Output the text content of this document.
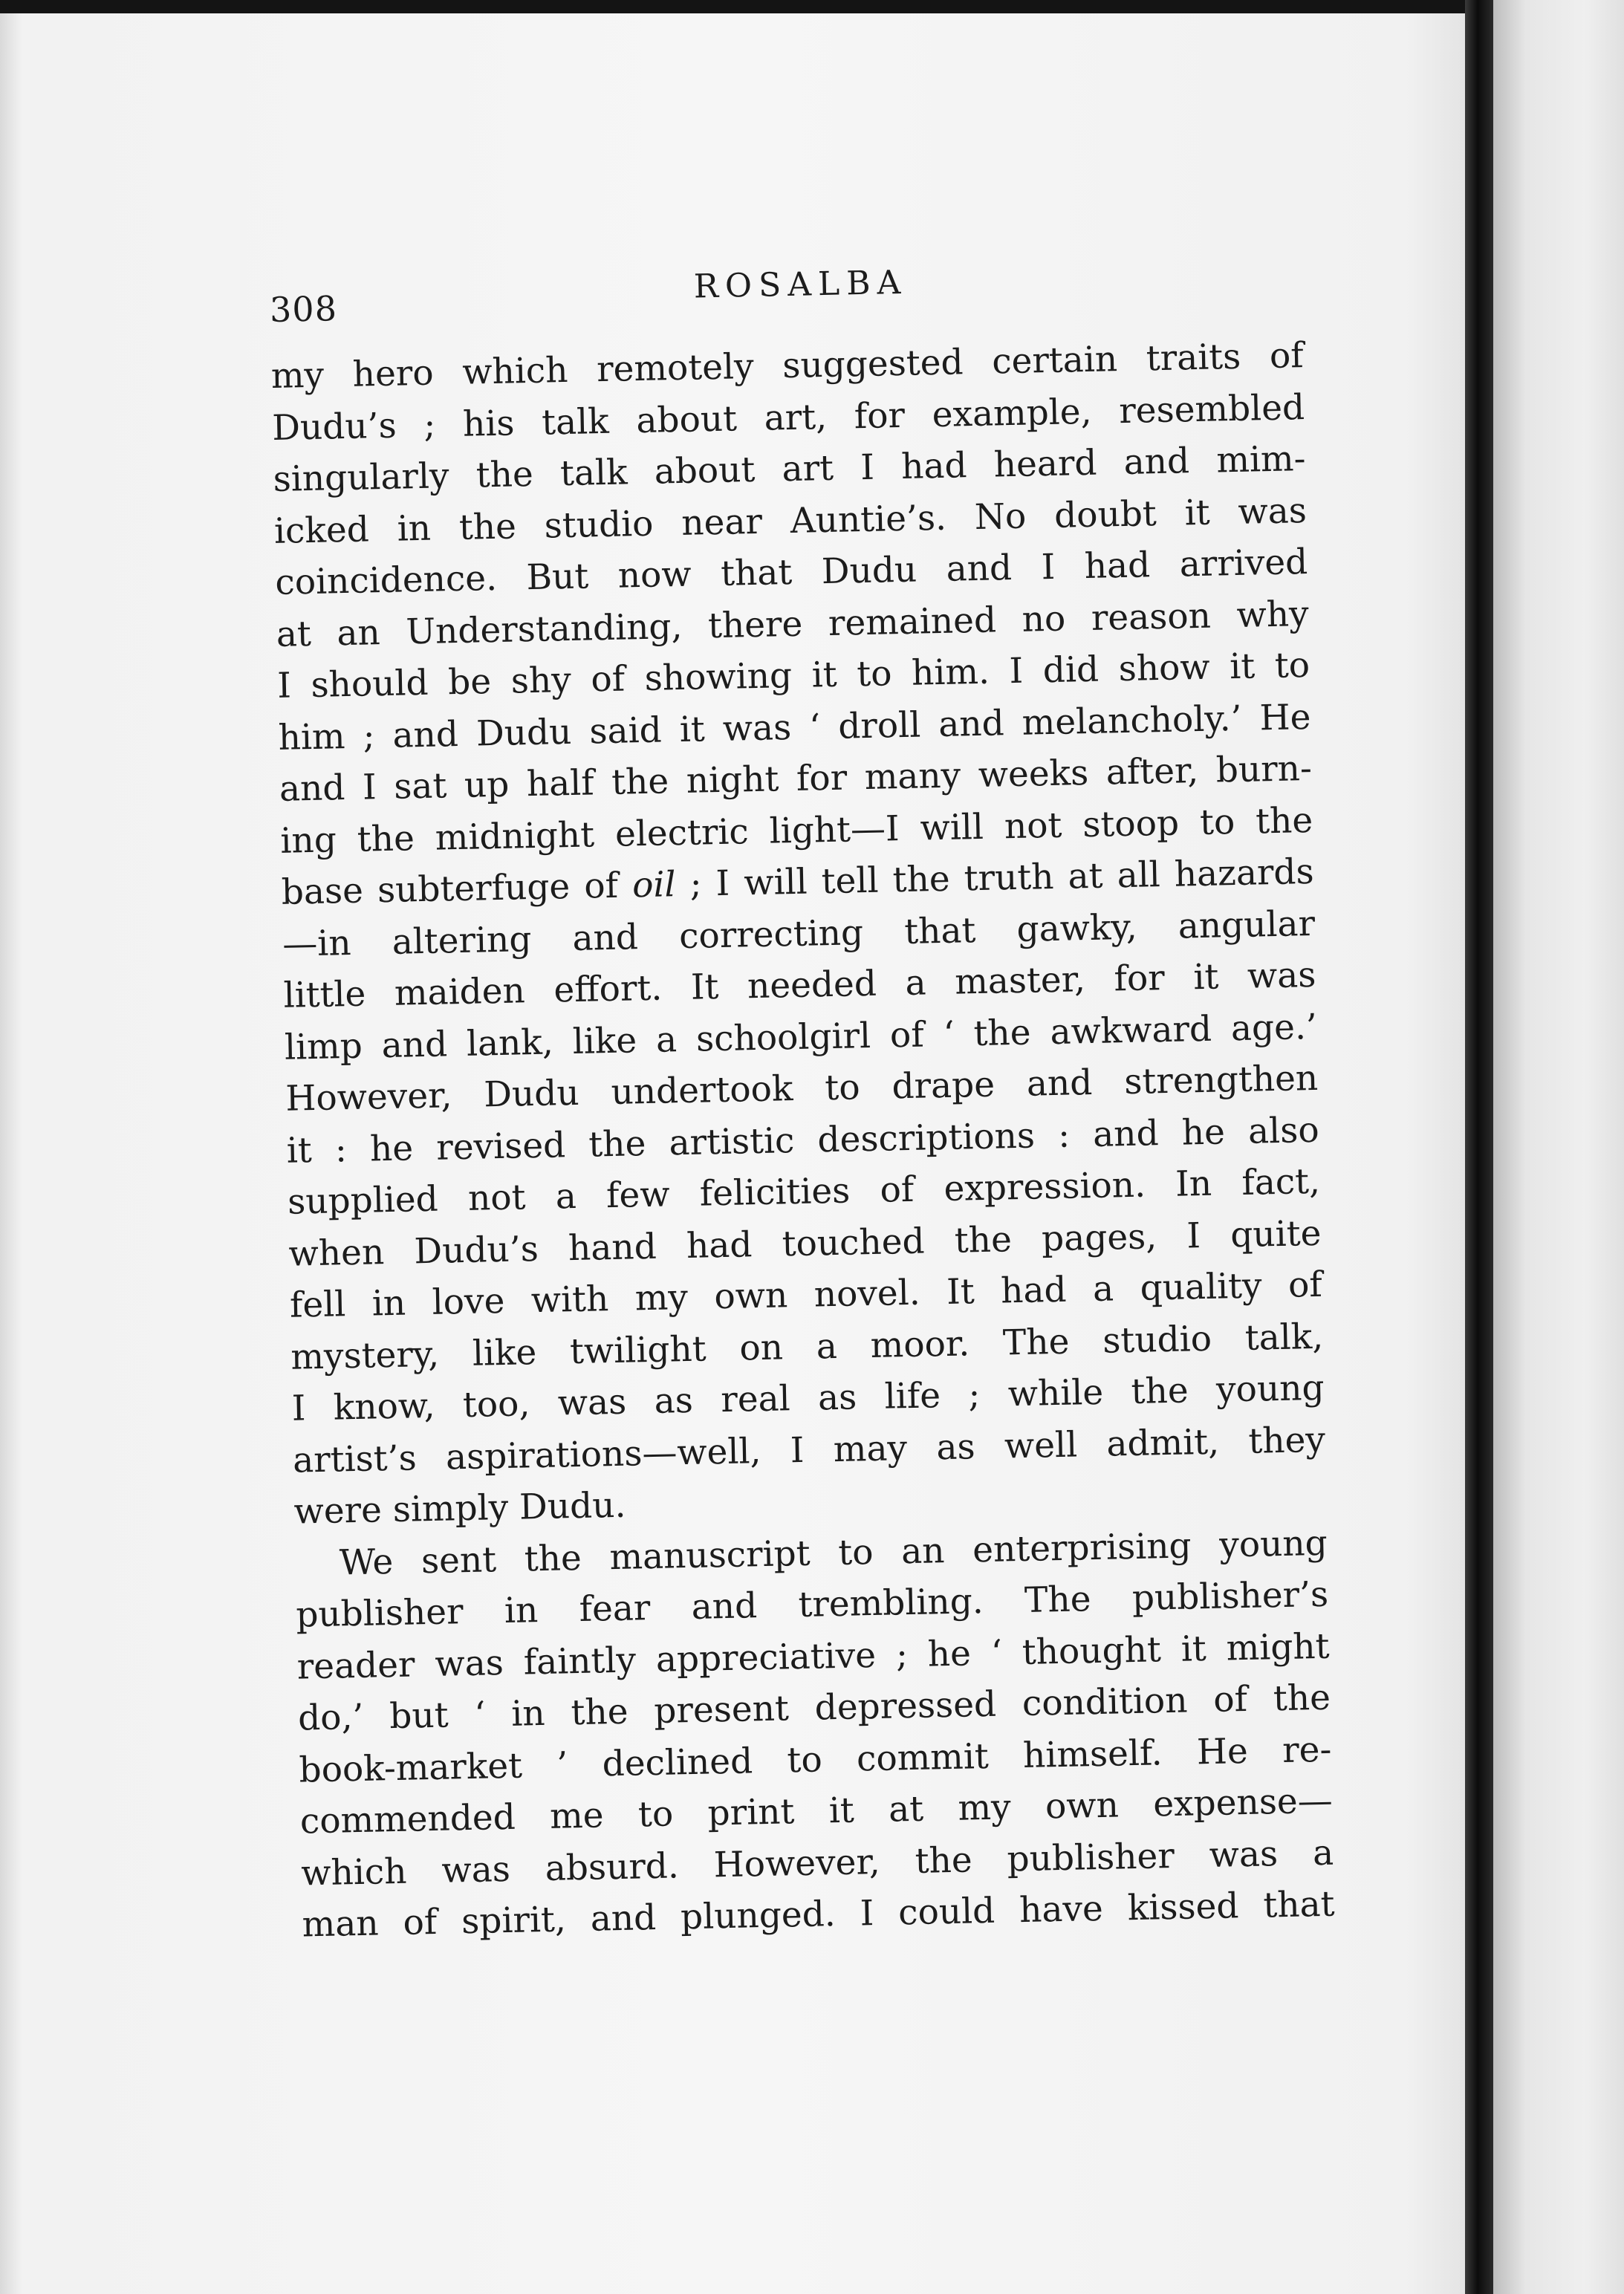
308
ROSALBA

my hero which remotely suggested certain traits of
Dudu’s ; his talk about art, for example, resembled
singularly the talk about art I had heard and mim-
icked in the studio near Auntie’s. No doubt it was
coincidence. But now that Dudu and I had arrived
at an Understanding, there remained no reason why
I should be shy of showing it to him. I did show it to
him ; and Dudu said it was ‘ droll and melancholy.’ He
and I sat up half the night for many weeks after, burn-
ing the midnight electric light—I will not stoop to the
base subterfuge of oil ; I will tell the truth at all hazards
—in altering and correcting that gawky, angular
little maiden effort. It needed a master, for it was
limp and lank, like a schoolgirl of ‘ the awkward age.’
However, Dudu undertook to drape and strengthen
it : he revised the artistic descriptions : and he also
supplied not a few felicities of expression. In fact,
when Dudu’s hand had touched the pages, I quite
fell in love with my own novel. It had a quality of
mystery, like twilight on a moor. The studio talk,
I know, too, was as real as life ; while the young
artist’s aspirations—well, I may as well admit, they
were simply Dudu.

We sent the manuscript to an enterprising young
publisher in fear and trembling. The publisher’s
reader was faintly appreciative ; he ‘ thought it might
do,’ but ‘ in the present depressed condition of the
book-market ’ declined to commit himself. He re-
commended me to print it at my own expense—
which was absurd. However, the publisher was a
man of spirit, and plunged. I could have kissed that
